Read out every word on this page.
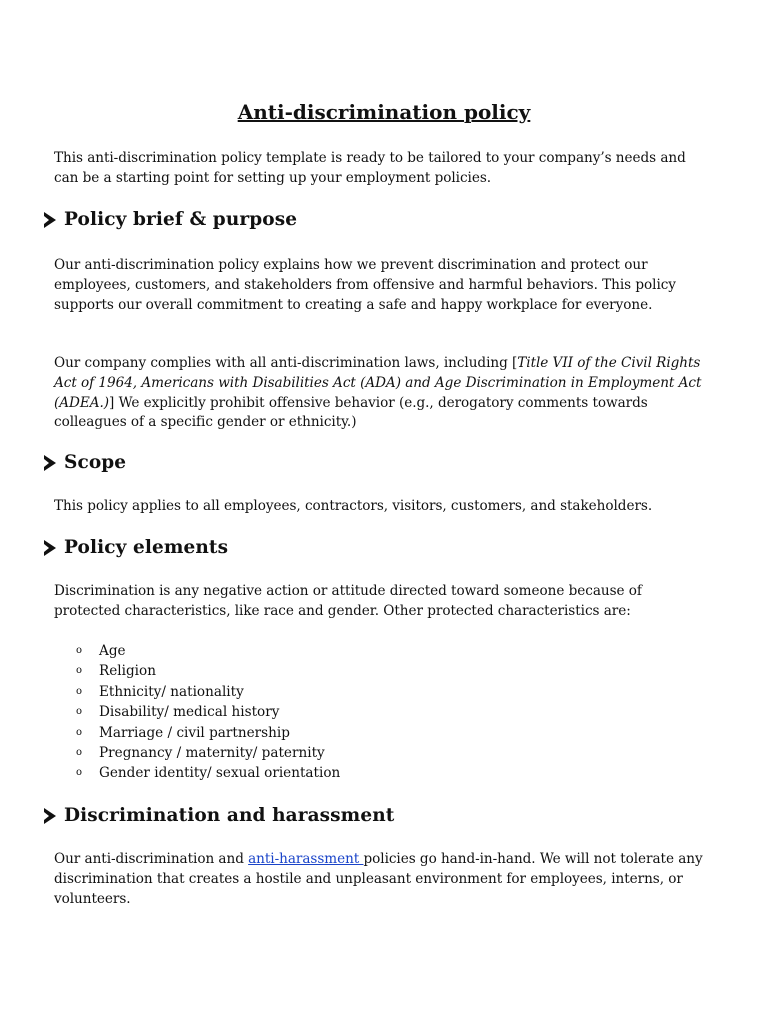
Anti-discrimination policy

This anti-discrimination policy template is ready to be tailored to your company’s needs and can be a starting point for setting up your employment policies.

Policy brief & purpose

Our anti-discrimination policy explains how we prevent discrimination and protect our employees, customers, and stakeholders from offensive and harmful behaviors. This policy supports our overall commitment to creating a safe and happy workplace for everyone.

Our company complies with all anti-discrimination laws, including [Title VII of the Civil Rights Act of 1964, Americans with Disabilities Act (ADA) and Age Discrimination in Employment Act (ADEA.)] We explicitly prohibit offensive behavior (e.g., derogatory comments towards colleagues of a specific gender or ethnicity.)

Scope

This policy applies to all employees, contractors, visitors, customers, and stakeholders.

Policy elements

Discrimination is any negative action or attitude directed toward someone because of protected characteristics, like race and gender. Other protected characteristics are:

o	Age
o	Religion
o	Ethnicity/ nationality
o	Disability/ medical history
o	Marriage / civil partnership
o	Pregnancy / maternity/ paternity
o	Gender identity/ sexual orientation
Discrimination and harassment

Our anti-discrimination and anti-harassment policies go hand-in-hand. We will not tolerate any discrimination that creates a hostile and unpleasant environment for employees, interns, or volunteers.
